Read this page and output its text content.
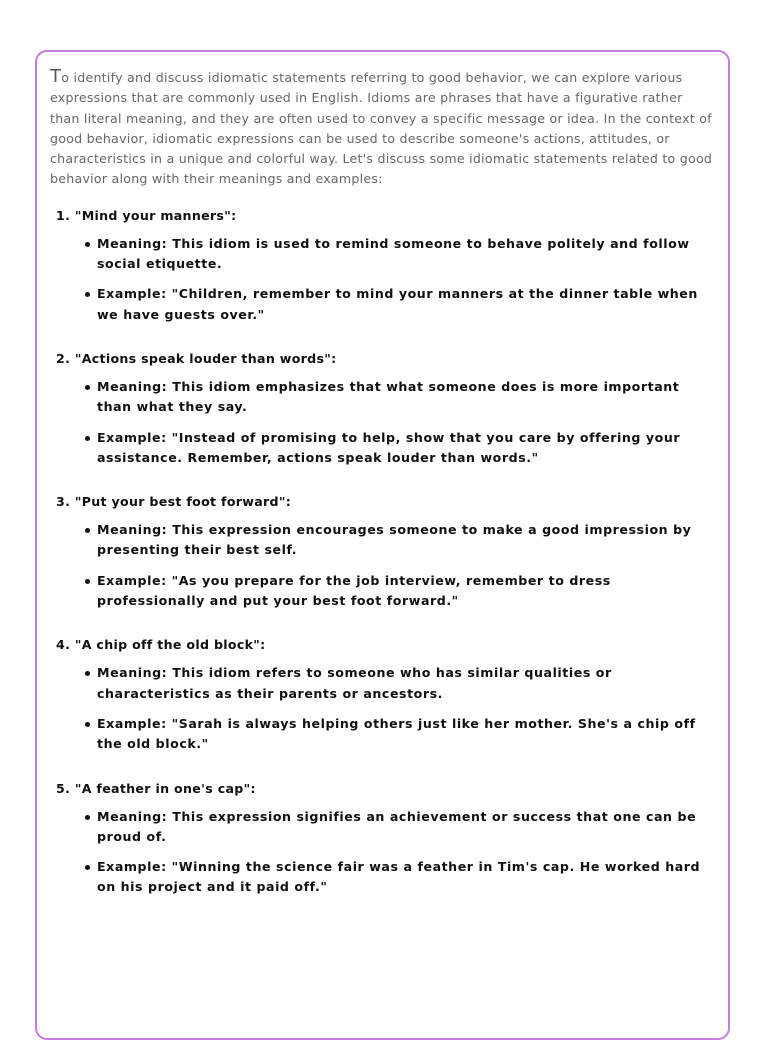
To identify and discuss idiomatic statements referring to good behavior, we can explore various expressions that are commonly used in English. Idioms are phrases that have a figurative rather than literal meaning, and they are often used to convey a specific message or idea. In the context of good behavior, idiomatic expressions can be used to describe someone's actions, attitudes, or characteristics in a unique and colorful way. Let's discuss some idiomatic statements related to good behavior along with their meanings and examples:

1. "Mind your manners":
Meaning: This idiom is used to remind someone to behave politely and follow social etiquette.
Example: "Children, remember to mind your manners at the dinner table when we have guests over."
2. "Actions speak louder than words":
Meaning: This idiom emphasizes that what someone does is more important than what they say.
Example: "Instead of promising to help, show that you care by offering your assistance. Remember, actions speak louder than words."
3. "Put your best foot forward":
Meaning: This expression encourages someone to make a good impression by presenting their best self.
Example: "As you prepare for the job interview, remember to dress professionally and put your best foot forward."
4. "A chip off the old block":
Meaning: This idiom refers to someone who has similar qualities or characteristics as their parents or ancestors.
Example: "Sarah is always helping others just like her mother. She's a chip off the old block."
5. "A feather in one's cap":
Meaning: This expression signifies an achievement or success that one can be proud of.
Example: "Winning the science fair was a feather in Tim's cap. He worked hard on his project and it paid off."
